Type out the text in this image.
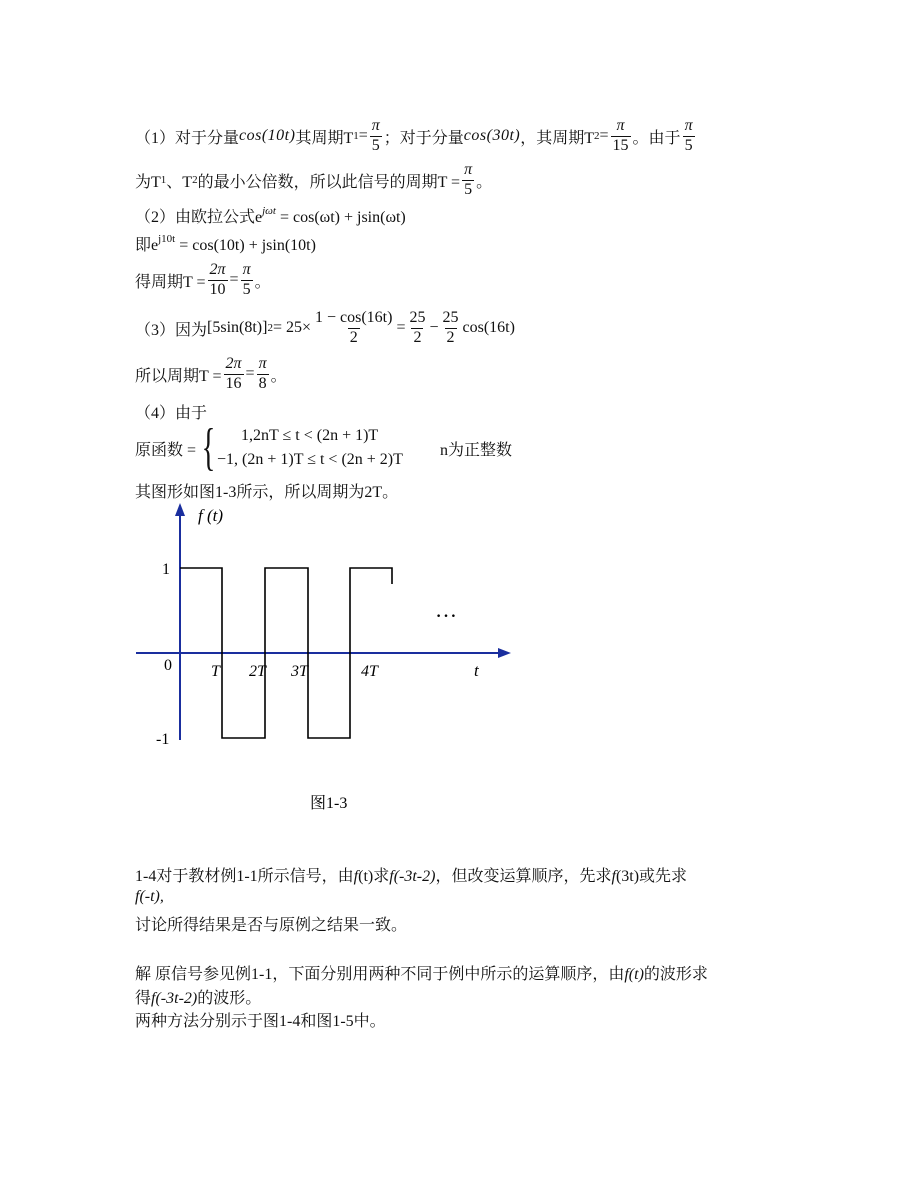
（1）对于分量 cos(10t) 其周期T $1 = \frac{\pi}{5}$ ；对于分量 cos(30t) ，其周期T $2 = \frac{\pi}{15}$ 。由于 $\frac{\pi}{5}$
为T 1 、T 2 的最小公倍数，所以此信号的周期$T = \frac{\pi}{5}$ 。
（2）由欧拉公式$e^{j\omega t} = \cos(\omega t) + jsin(\omega t)$
即$e^{j10t} = \cos(10t) + jsin(10t)$
得周期$T = \frac{2\pi}{10} = \frac{\pi}{5}$ 。
（3）因为 [5sin(8t)] $2 = 25\times \frac{1 - \cos(16t)}{2} = \frac{25}{2} - \frac{25}{2} \cos(16t)$
所以周期$T = \frac{2\pi}{16} = \frac{\pi}{8}$ 。
（4）由于
原函数 = {	1,2nT ≤ t < (2n + 1)T
−1, (2n + 1)T ≤ t < (2n + 2)T
n为正整数
其图形如图1-3所示，所以周期为2T。
f (t)
1
0
-1
T 2T 3T	4T	t
…
图1-3
1-4对于教材例1-1所示信号，由f(t)求f(-3t-2)，但改变运算顺序，先求f(3t)或先求
f(-t),
讨论所得结果是否与原例之结果一致。
解 原信号参见例1-1，下面分别用两种不同于例中所示的运算顺序，由f(t)的波形求
得f(-3t-2)的波形。
两种方法分别示于图1-4和图1-5中。
